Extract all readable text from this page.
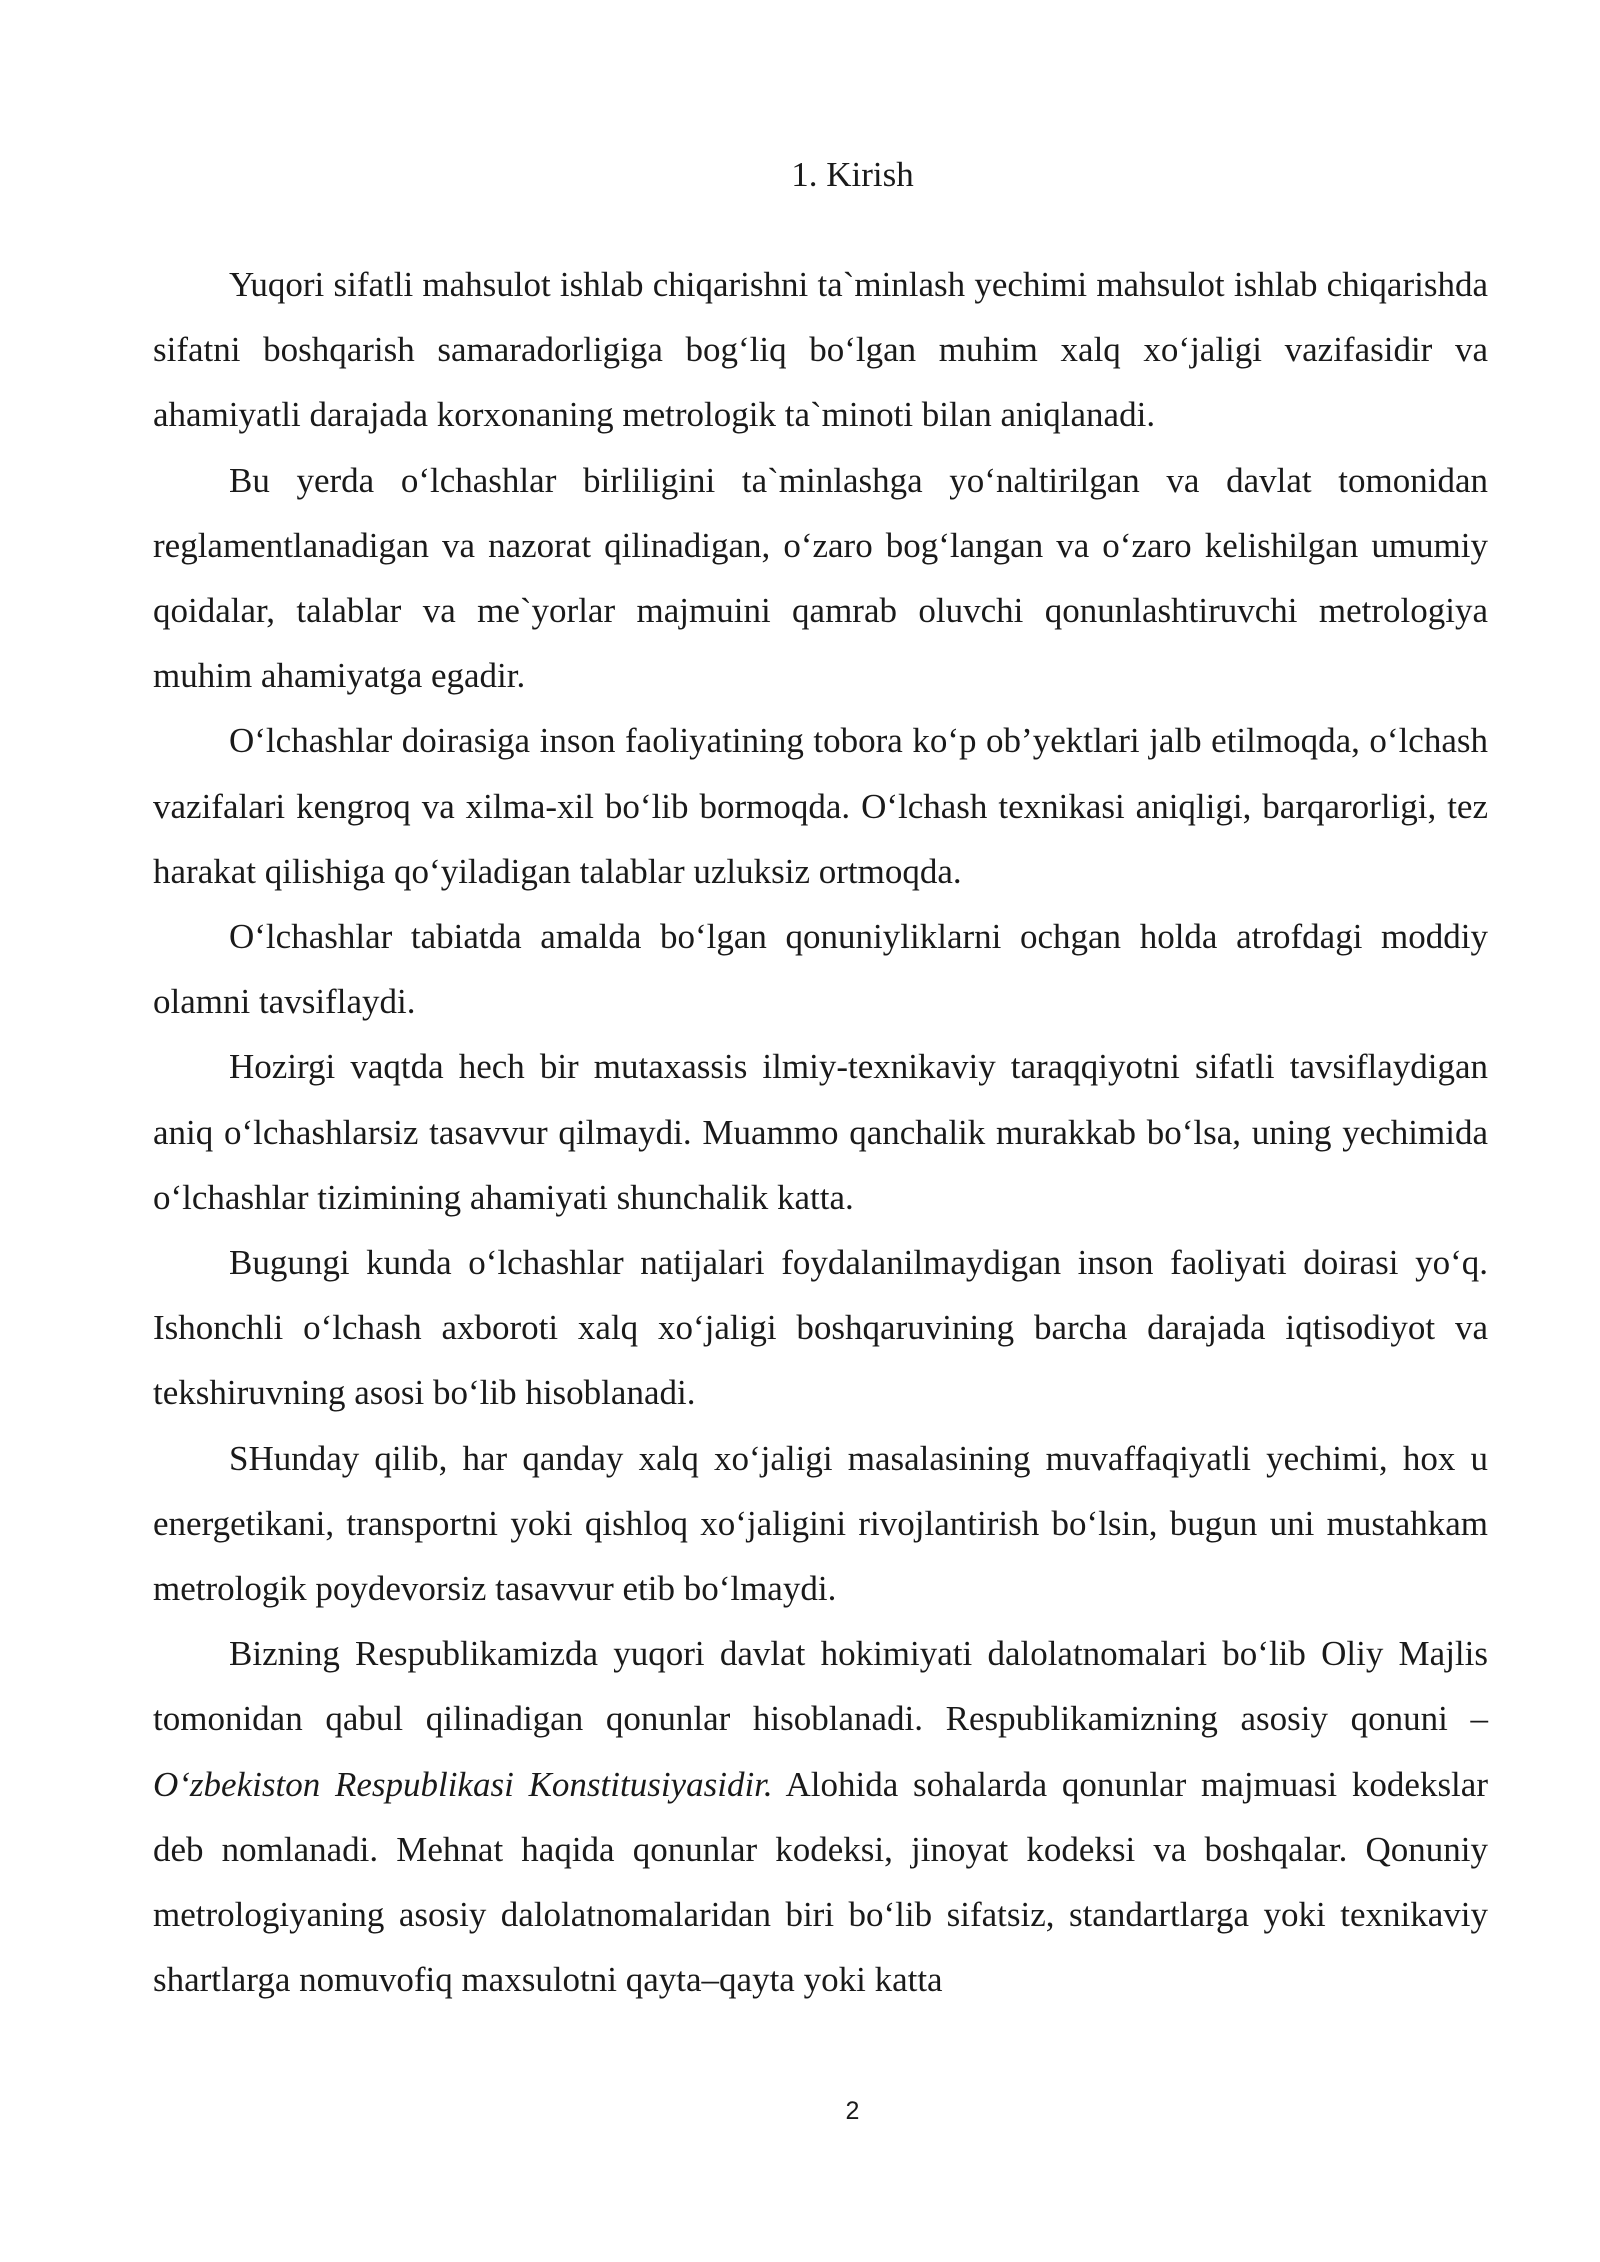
1. Kirish

Yuqori sifatli mahsulot ishlab chiqarishni ta`minlash yechimi mahsulot ishlab chiqarishda sifatni boshqarish samaradorligiga bog‘liq bo‘lgan muhim xalq xo‘jaligi vazifasidir va ahamiyatli darajada korxonaning metrologik ta`minoti bilan aniqlanadi.

Bu yerda o‘lchashlar birliligini ta`minlashga yo‘naltirilgan va davlat tomonidan reglamentlanadigan va nazorat qilinadigan, o‘zaro bog‘langan va o‘zaro kelishilgan umumiy qoidalar, talablar va me`yorlar majmuini qamrab oluvchi qonunlashtiruvchi metrologiya muhim ahamiyatga egadir.

O‘lchashlar doirasiga inson faoliyatining tobora ko‘p ob’yektlari jalb etilmoqda, o‘lchash vazifalari kengroq va xilma-xil bo‘lib bormoqda. O‘lchash texnikasi aniqligi, barqarorligi, tez harakat qilishiga qo‘yiladigan talablar uzluksiz ortmoqda.

O‘lchashlar tabiatda amalda bo‘lgan qonuniyliklarni ochgan holda atrofdagi moddiy olamni tavsiflaydi.

Hozirgi vaqtda hech bir mutaxassis ilmiy-texnikaviy taraqqiyotni sifatli tavsiflaydigan aniq o‘lchashlarsiz tasavvur qilmaydi. Muammo qanchalik murakkab bo‘lsa, uning yechimida o‘lchashlar tizimining ahamiyati shunchalik katta.

Bugungi kunda o‘lchashlar natijalari foydalanilmaydigan inson faoliyati doirasi yo‘q. Ishonchli o‘lchash axboroti xalq xo‘jaligi boshqaruvining barcha darajada iqtisodiyot va tekshiruvning asosi bo‘lib hisoblanadi.

SHunday qilib, har qanday xalq xo‘jaligi masalasining muvaffaqiyatli yechimi, hox u energetikani, transportni yoki qishloq xo‘jaligini rivojlantirish bo‘lsin, bugun uni mustahkam metrologik poydevorsiz tasavvur etib bo‘lmaydi.

Bizning Respublikamizda yuqori davlat hokimiyati dalolatnomalari bo‘lib Oliy Majlis tomonidan qabul qilinadigan qonunlar hisoblanadi. Respublikamizning asosiy qonuni – O‘zbekiston Respublikasi Konstitusiyasidir. Alohida sohalarda qonunlar majmuasi kodekslar deb nomlanadi. Mehnat haqida qonunlar kodeksi, jinoyat kodeksi va boshqalar. Qonuniy metrologiyaning asosiy dalolatnomalaridan biri bo‘lib sifatsiz, standartlarga yoki texnikaviy shartlarga nomuvofiq maxsulotni qayta–qayta yoki katta

2
